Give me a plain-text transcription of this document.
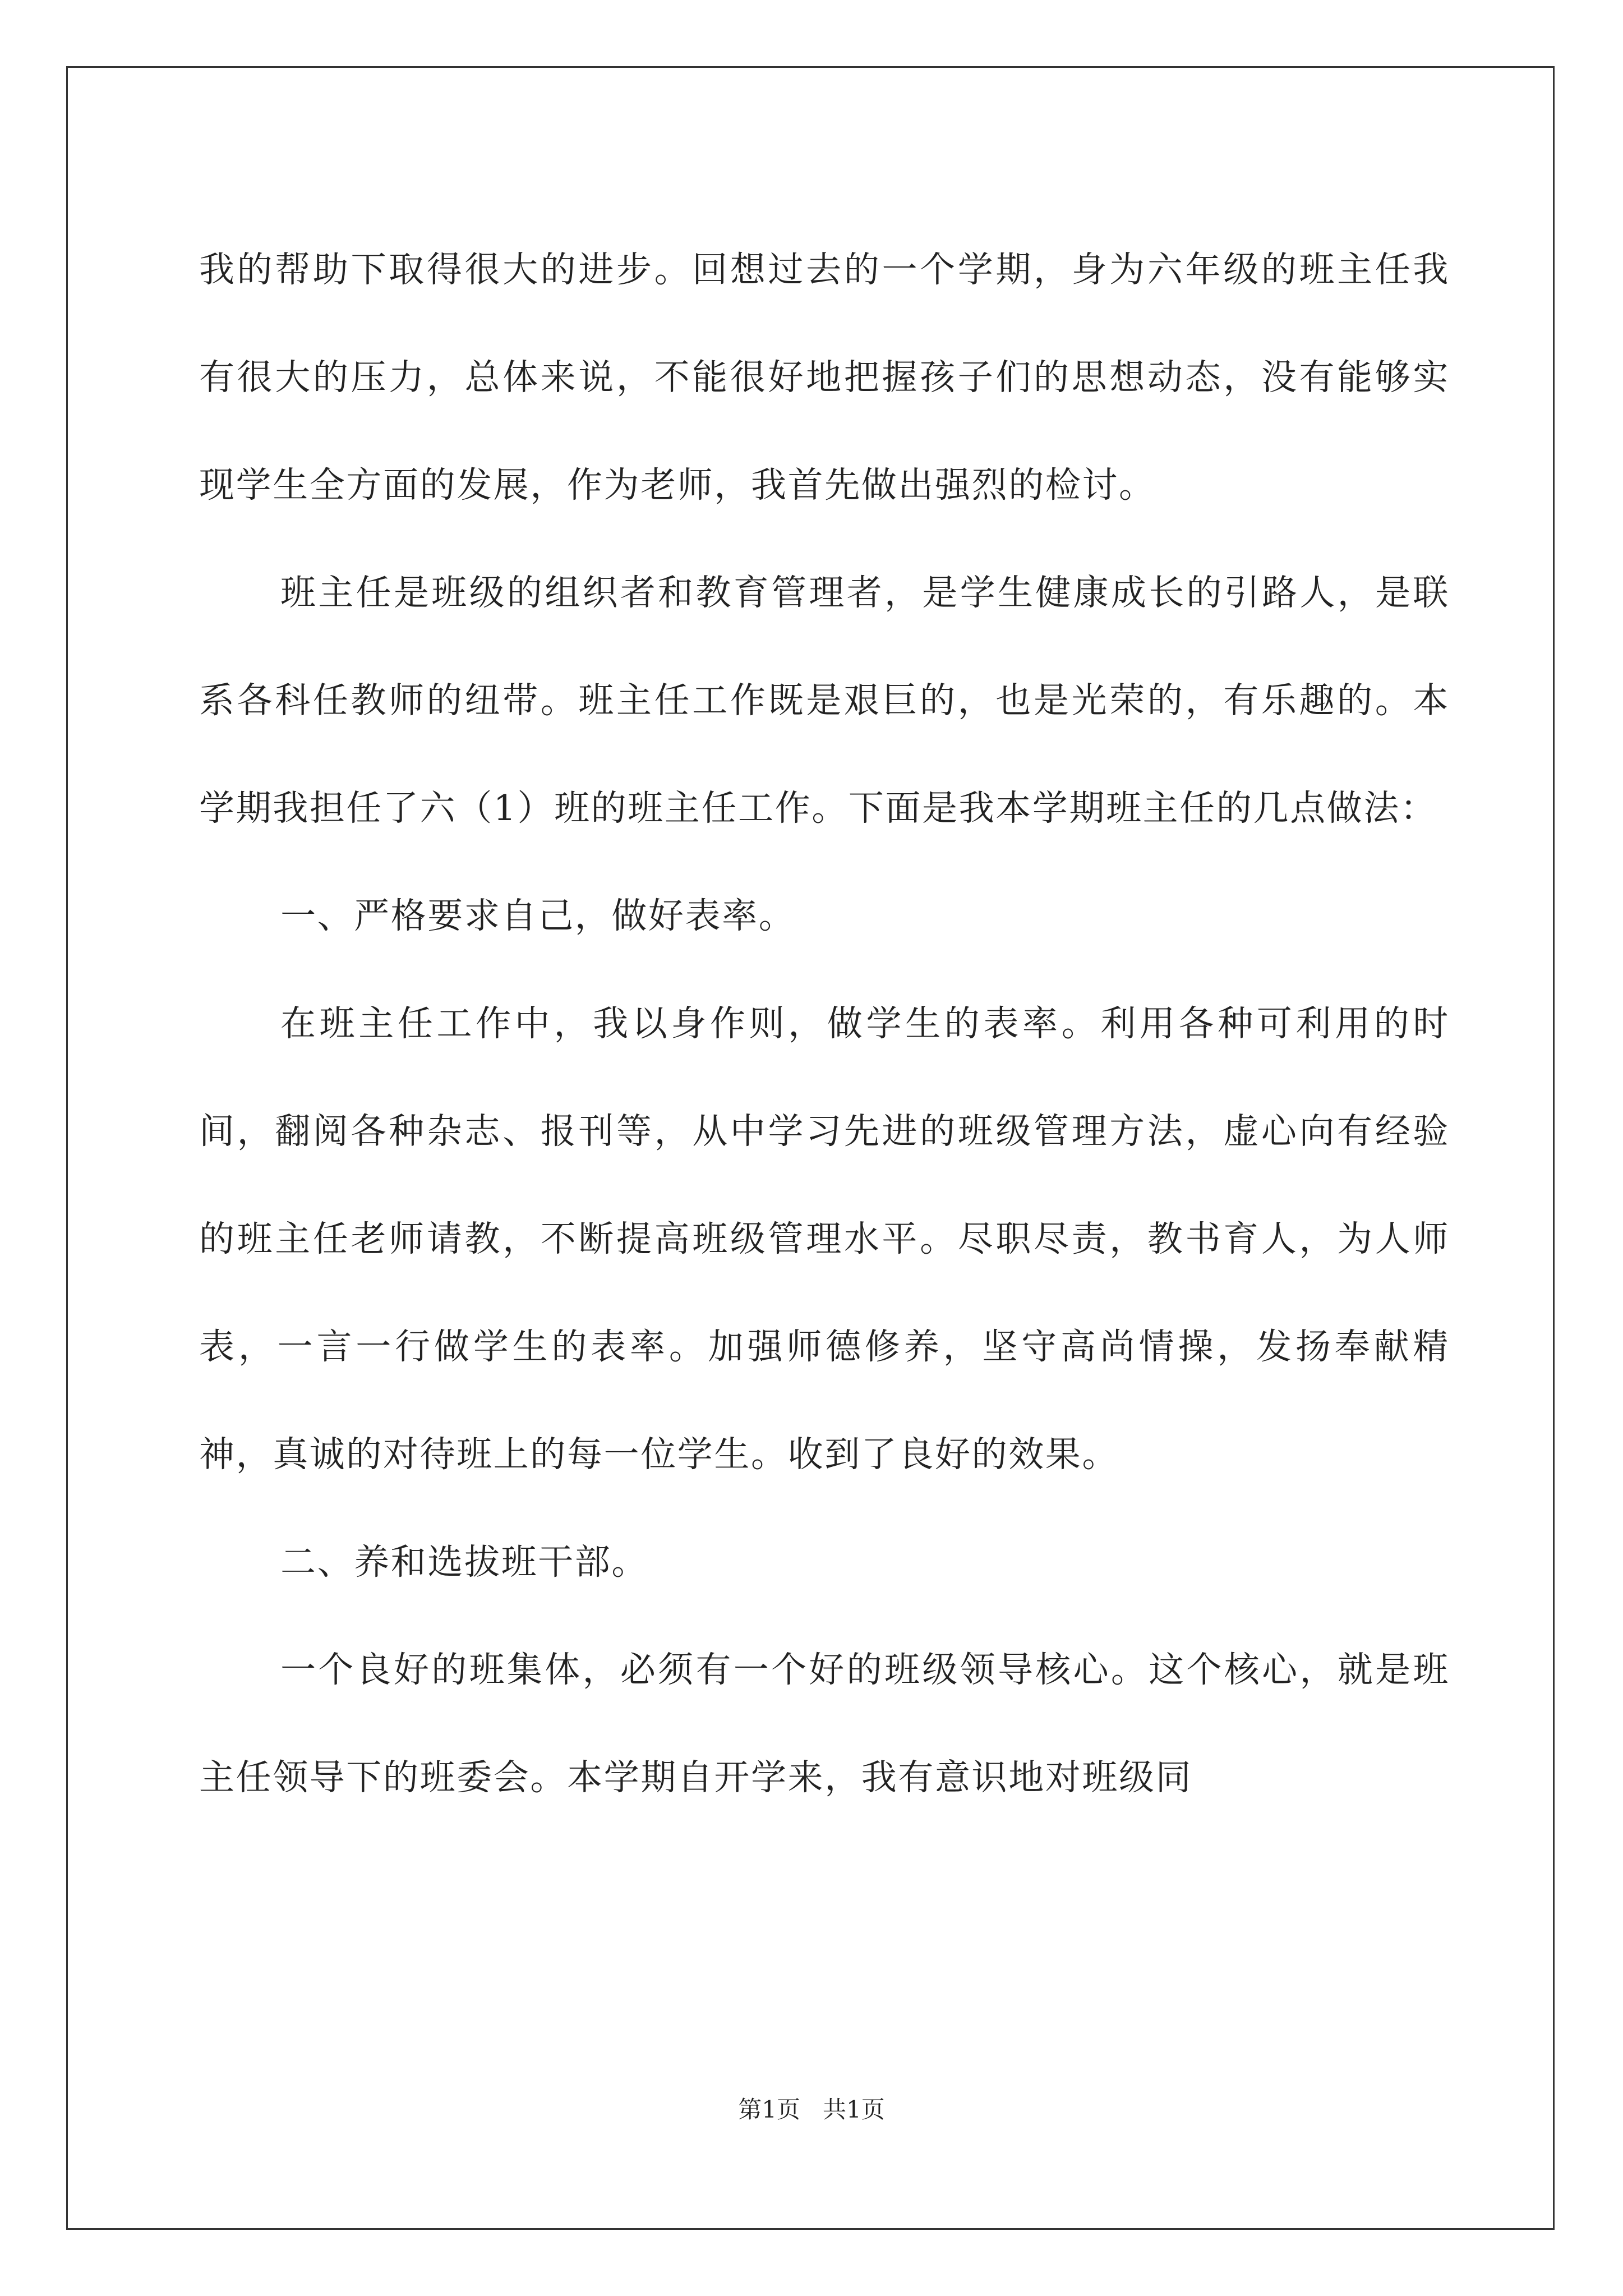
我的帮助下取得很大的进步。回想过去的一个学期，身为六年级的班主任我有很大的压力，总体来说，不能很好地把握孩子们的思想动态，没有能够实现学生全方面的发展，作为老师，我首先做出强烈的检讨。

班主任是班级的组织者和教育管理者，是学生健康成长的引路人，是联系各科任教师的纽带。班主任工作既是艰巨的，也是光荣的，有乐趣的。本学期我担任了六（1）班的班主任工作。下面是我本学期班主任的几点做法：

一、严格要求自己，做好表率。

在班主任工作中，我以身作则，做学生的表率。利用各种可利用的时间，翻阅各种杂志、报刊等，从中学习先进的班级管理方法，虚心向有经验的班主任老师请教，不断提高班级管理水平。尽职尽责，教书育人，为人师表，一言一行做学生的表率。加强师德修养，坚守高尚情操，发扬奉献精神，真诚的对待班上的每一位学生。收到了良好的效果。

二、养和选拔班干部。

一个良好的班集体，必须有一个好的班级领导核心。这个核心，就是班主任领导下的班委会。本学期自开学来，我有意识地对班级同

第1页   共1页
